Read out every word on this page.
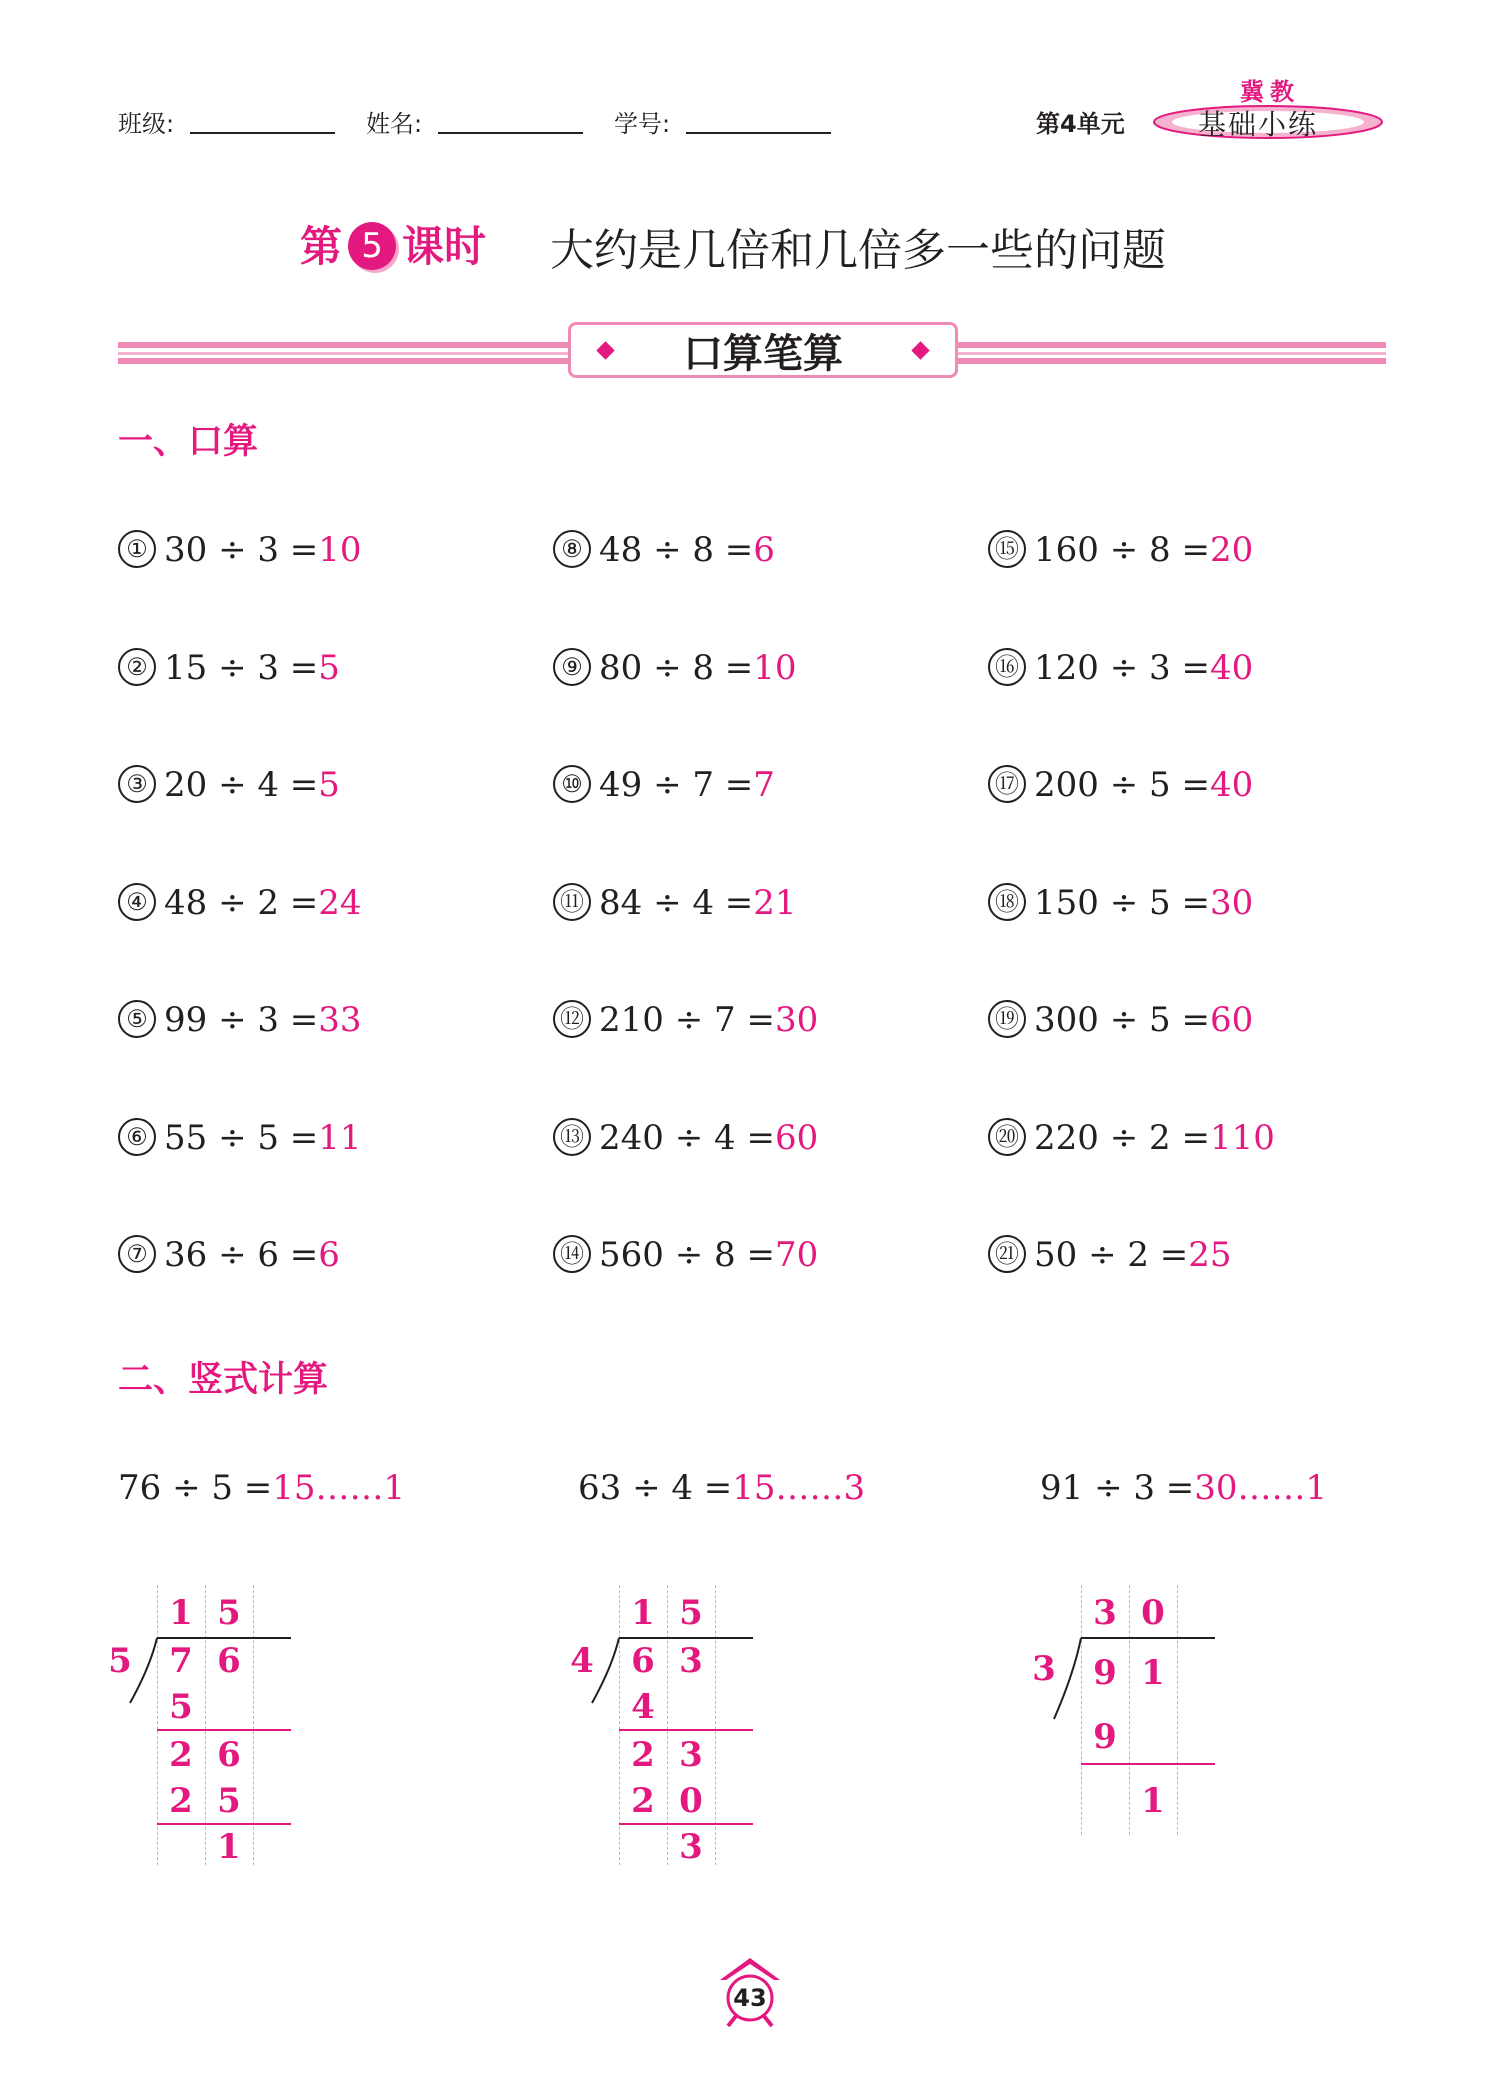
班级:	姓名:	学号:	第4单元
冀教
基础小练
第 5 课时 大约是几倍和几倍多一些的问题
口算笔算
一、口算
① 30 ÷ 3 =10
② 15 ÷ 3 =5
③ 20 ÷ 4 =5
④ 48 ÷ 2 =24
⑤ 99 ÷ 3 =33
⑥ 55 ÷ 5 =11
⑦ 36 ÷ 6 =6
⑧ 48 ÷ 8 =6
⑨ 80 ÷ 8 =10
⑩ 49 ÷ 7 =7
⑪ 84 ÷ 4 =21
⑫ 210 ÷ 7 =30
⑬ 240 ÷ 4 =60
⑭ 560 ÷ 8 =70
⑮ 160 ÷ 8 =20
⑯ 120 ÷ 3 =40
⑰ 200 ÷ 5 =40
⑱ 150 ÷ 5 =30
⑲ 300 ÷ 5 =60
⑳ 220 ÷ 2 =110
㉑ 50 ÷ 2 =25
二、竖式计算
76 ÷ 5 =15……1	63 ÷ 4 =15……3	91 ÷ 3 =30……1
1 5
5	7 6
5
2 6
2 5
1
1 5
4	6 3
4
2 3
2 0
3
3 0
3	9 1
9
1
43
